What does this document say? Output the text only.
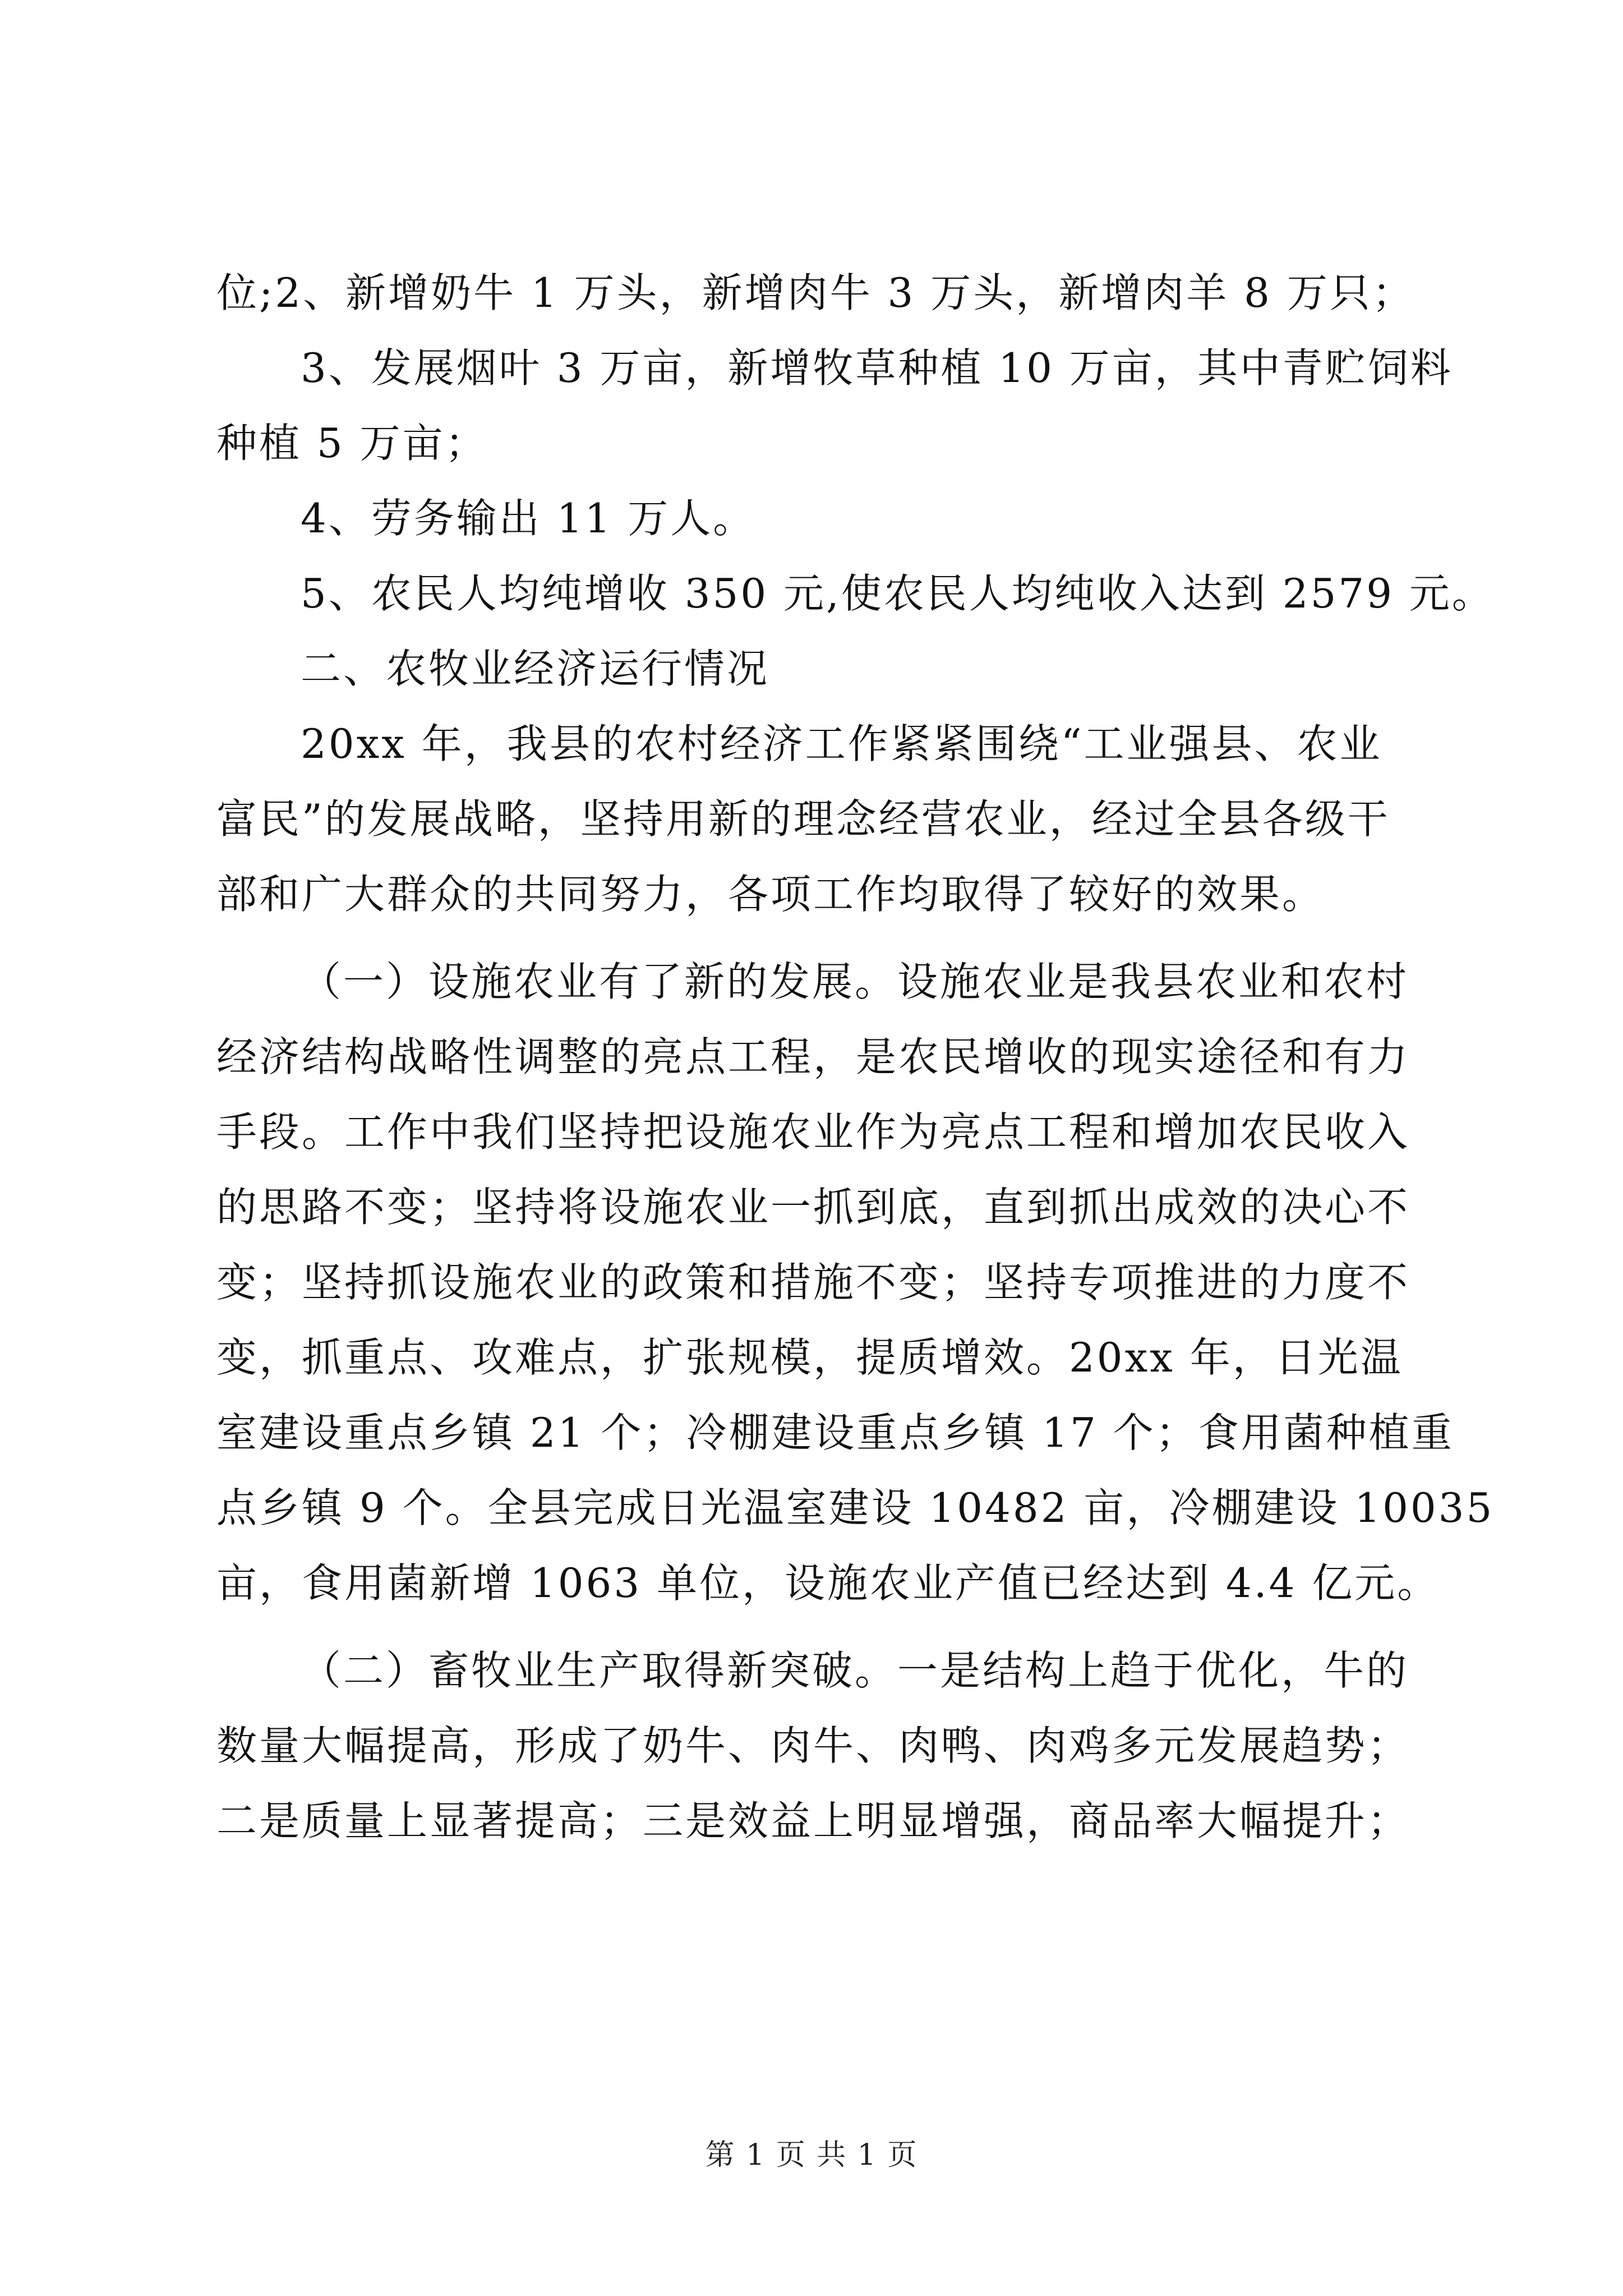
位;2、新增奶牛 1 万头，新增肉牛 3 万头，新增肉羊 8 万只；
3、发展烟叶 3 万亩，新增牧草种植 10 万亩，其中青贮饲料
种植 5 万亩；
4、劳务输出 11 万人。
5、农民人均纯增收 350 元,使农民人均纯收入达到 2579 元。
二、农牧业经济运行情况
20xx 年，我县的农村经济工作紧紧围绕“工业强县、农业
富民”的发展战略，坚持用新的理念经营农业，经过全县各级干
部和广大群众的共同努力，各项工作均取得了较好的效果。
（一）设施农业有了新的发展。设施农业是我县农业和农村
经济结构战略性调整的亮点工程，是农民增收的现实途径和有力
手段。工作中我们坚持把设施农业作为亮点工程和增加农民收入
的思路不变；坚持将设施农业一抓到底，直到抓出成效的决心不
变；坚持抓设施农业的政策和措施不变；坚持专项推进的力度不
变，抓重点、攻难点，扩张规模，提质增效。20xx 年，日光温
室建设重点乡镇 21 个；冷棚建设重点乡镇 17 个；食用菌种植重
点乡镇 9 个。全县完成日光温室建设 10482 亩，冷棚建设 10035
亩，食用菌新增 1063 单位，设施农业产值已经达到 4.4 亿元。
（二）畜牧业生产取得新突破。一是结构上趋于优化，牛的
数量大幅提高，形成了奶牛、肉牛、肉鸭、肉鸡多元发展趋势；
二是质量上显著提高；三是效益上明显增强，商品率大幅提升；
第 1 页 共 1 页
